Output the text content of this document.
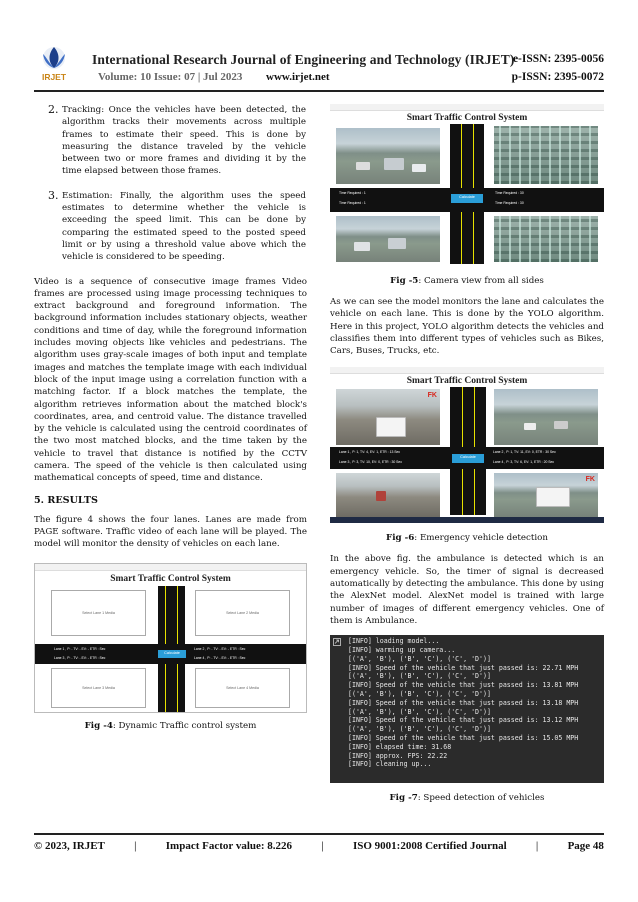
IRJET
International Research Journal of Engineering and Technology (IRJET)
e-ISSN: 2395-0056
Volume: 10 Issue: 07 | Jul 2023 www.irjet.net	p-ISSN: 2395-0072
2. Tracking: Once the vehicles have been detected, the algorithm tracks their movements across multiple frames to estimate their speed. This is done by measuring the distance traveled by the vehicle between two or more frames and dividing it by the time elapsed between those frames.
3. Estimation: Finally, the algorithm uses the speed estimates to determine whether the vehicle is exceeding the speed limit. This can be done by comparing the estimated speed to the posted speed limit or by using a threshold value above which the vehicle is considered to be speeding.

Video is a sequence of consecutive image frames Video frames are processed using image processing techniques to extract background and foreground information. The background information includes stationary objects, weather conditions and time of day, while the foreground information includes moving objects like vehicles and pedestrians. The algorithm uses gray-scale images of both input and template images and matches the template image with each individual block of the input image using a correlation function with a matching factor. If a block matches the template, the algorithm retrieves information about the matched block's coordinates, area, and centroid value. The distance travelled by the vehicle is calculated using the centroid coordinates of the two most matched blocks, and the time taken by the vehicle to travel that distance is notified by the CCTV camera. The speed of the vehicle is then calculated using mathematical concepts of speed, time and distance.

5. RESULTS

The figure 4 shows the four lanes. Lanes are made from PAGE software. Traffic video of each lane will be played. The model will monitor the density of vehicles on each lane.

Smart Traffic Control System
Select Lane 1 Media	Select Lane 2 Media
Select Lane 3 Media	Select Lane 4 Media
Lane 1 , P: - TV: - EV: - ETR : Sec	Lane 2 , P: - TV: - EV: - ETR : Sec
Lane 3 , P: - TV: - EV: - ETR : Sec	Lane 4 , P: - TV: - EV: - ETR : Sec
Calculate
Fig -4: Dynamic Traffic control system
Smart Traffic Control System
Time Required : 1
Time Required : 1
Time Required : 30
Time Required : 30
Calculate
Fig -5: Camera view from all sides

As we can see the model monitors the lane and calculates the vehicle on each lane. This is done by the YOLO algorithm. Here in this project, YOLO algorithm detects the vehicles and classifies them into different types of vehicles such as Bikes, Cars, Buses, Trucks, etc.

Smart Traffic Control System
FK
FK
Lane 1 , P: 1, TV: 4, EV: 1, ETR : 13 Sec	Lane 2 , P: 1, TV: 11, EV: 0, ETR : 30 Sec
Lane 3 , P: 3, TV: 10, EV: 0, ETR : 30 Sec	Lane 4 , P: 3, TV: 6, EV: 1, ETR : 20 Sec
Calculate
Fig -6: Emergency vehicle detection

In the above fig. the ambulance is detected which is an emergency vehicle. So, the timer of signal is decreased automatically by detecting the ambulance. This done by using the AlexNet model. AlexNet model is trained with large number of images of different emergency vehicles. One of them is Ambulance.

[INFO] loading model...
[INFO] warming up camera...
[('A', 'B'), ('B', 'C'), ('C', 'D')]
[INFO] Speed of the vehicle that just passed is: 22.71 MPH
[('A', 'B'), ('B', 'C'), ('C', 'D')]
[INFO] Speed of the vehicle that just passed is: 13.81 MPH
[('A', 'B'), ('B', 'C'), ('C', 'D')]
[INFO] Speed of the vehicle that just passed is: 13.18 MPH
[('A', 'B'), ('B', 'C'), ('C', 'D')]
[INFO] Speed of the vehicle that just passed is: 13.12 MPH
[('A', 'B'), ('B', 'C'), ('C', 'D')]
[INFO] Speed of the vehicle that just passed is: 15.05 MPH
[INFO] elapsed time: 31.68
[INFO] approx. FPS: 22.22
[INFO] cleaning up...
Fig -7: Speed detection of vehicles
© 2023, IRJET	|	Impact Factor value: 8.226	|	ISO 9001:2008 Certified Journal	|	Page 48
